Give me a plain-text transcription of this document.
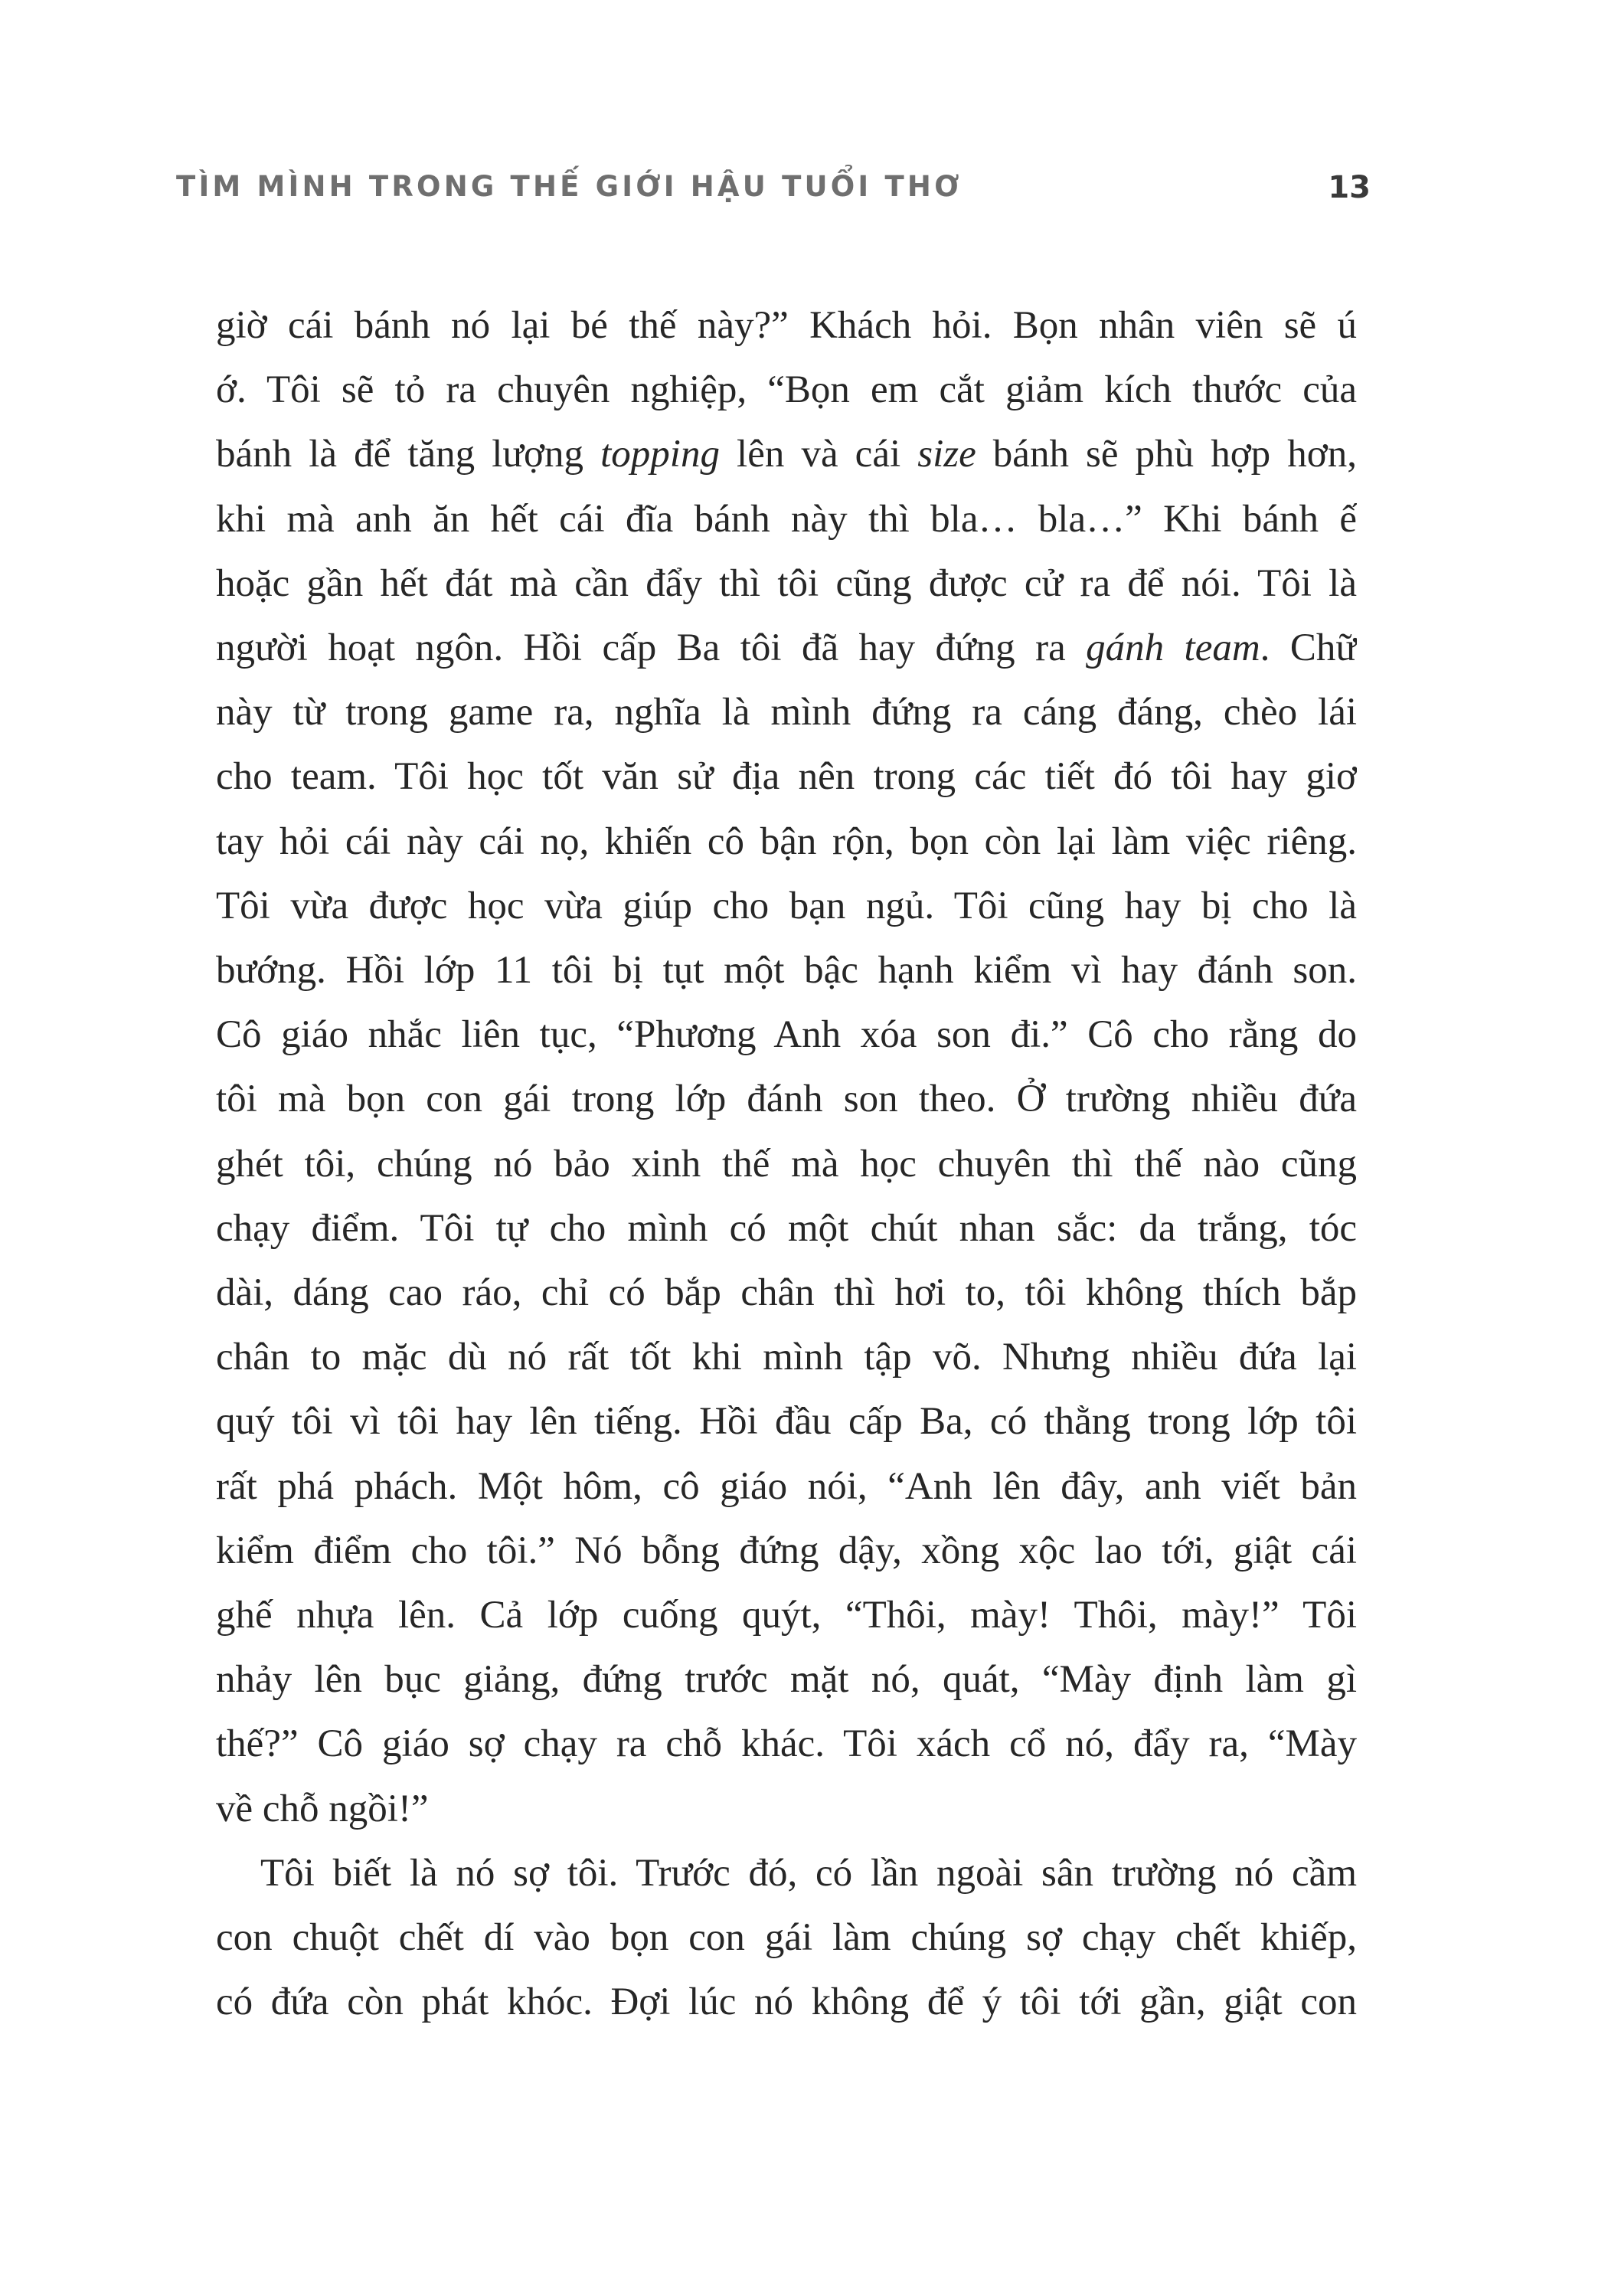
TÌM MÌNH TRONG THẾ GIỚI HẬU TUỔI THƠ	13
giờ cái bánh nó lại bé thế này?” Khách hỏi. Bọn nhân viên sẽ ú
ớ. Tôi sẽ tỏ ra chuyên nghiệp, “Bọn em cắt giảm kích thước của
bánh là để tăng lượng topping lên và cái size bánh sẽ phù hợp hơn,
khi mà anh ăn hết cái đĩa bánh này thì bla… bla…” Khi bánh ế
hoặc gần hết đát mà cần đẩy thì tôi cũng được cử ra để nói. Tôi là
người hoạt ngôn. Hồi cấp Ba tôi đã hay đứng ra gánh team. Chữ
này từ trong game ra, nghĩa là mình đứng ra cáng đáng, chèo lái
cho team. Tôi học tốt văn sử địa nên trong các tiết đó tôi hay giơ
tay hỏi cái này cái nọ, khiến cô bận rộn, bọn còn lại làm việc riêng.
Tôi vừa được học vừa giúp cho bạn ngủ. Tôi cũng hay bị cho là
bướng. Hồi lớp 11 tôi bị tụt một bậc hạnh kiểm vì hay đánh son.
Cô giáo nhắc liên tục, “Phương Anh xóa son đi.” Cô cho rằng do
tôi mà bọn con gái trong lớp đánh son theo. Ở trường nhiều đứa
ghét tôi, chúng nó bảo xinh thế mà học chuyên thì thế nào cũng
chạy điểm. Tôi tự cho mình có một chút nhan sắc: da trắng, tóc
dài, dáng cao ráo, chỉ có bắp chân thì hơi to, tôi không thích bắp
chân to mặc dù nó rất tốt khi mình tập võ. Nhưng nhiều đứa lại
quý tôi vì tôi hay lên tiếng. Hồi đầu cấp Ba, có thằng trong lớp tôi
rất phá phách. Một hôm, cô giáo nói, “Anh lên đây, anh viết bản
kiểm điểm cho tôi.” Nó bỗng đứng dậy, xồng xộc lao tới, giật cái
ghế nhựa lên. Cả lớp cuống quýt, “Thôi, mày! Thôi, mày!” Tôi
nhảy lên bục giảng, đứng trước mặt nó, quát, “Mày định làm gì
thế?” Cô giáo sợ chạy ra chỗ khác. Tôi xách cổ nó, đẩy ra, “Mày
về chỗ ngồi!”
Tôi biết là nó sợ tôi. Trước đó, có lần ngoài sân trường nó cầm
con chuột chết dí vào bọn con gái làm chúng sợ chạy chết khiếp,
có đứa còn phát khóc. Đợi lúc nó không để ý tôi tới gần, giật con
